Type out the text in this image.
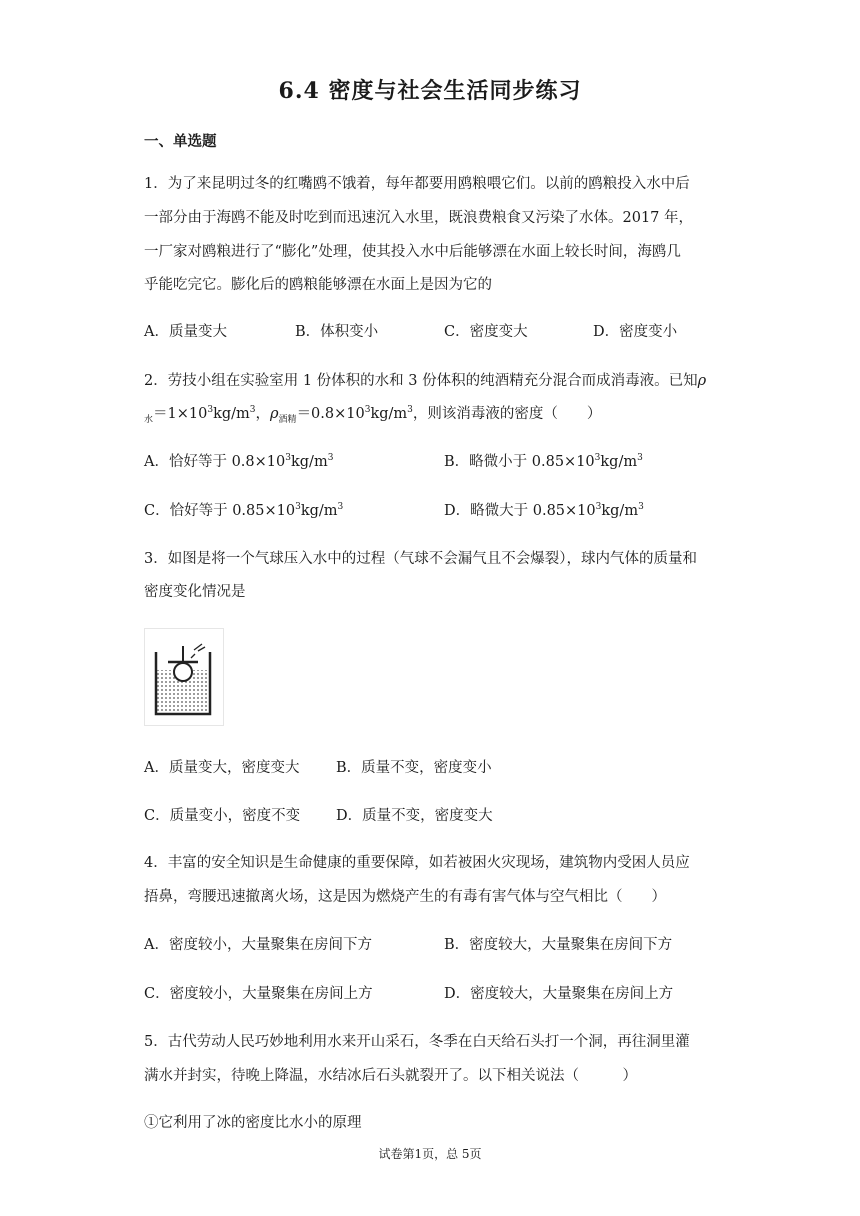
6.4 密度与社会生活同步练习
一、单选题
1．为了来昆明过冬的红嘴鸥不饿着，每年都要用鸥粮喂它们。以前的鸥粮投入水中后
一部分由于海鸥不能及时吃到而迅速沉入水里，既浪费粮食又污染了水体。2017 年，
一厂家对鸥粮进行了“膨化”处理，使其投入水中后能够漂在水面上较长时间，海鸥几
乎能吃完它。膨化后的鸥粮能够漂在水面上是因为它的
A．质量变大	B．体积变小	C．密度变大	D．密度变小
2．劳技小组在实验室用 1 份体积的水和 3 份体积的纯酒精充分混合而成消毒液。已知ρ
$_水=1\times 10^3kg/m^3$，$\rho_{酒精}=0.8\times 10^3kg/m^3$，则该消毒液的密度（　　）
A．恰好等于 $0.8\times 10^3kg/m^3$	B．略微小于 $0.85\times 10^3kg/m^3$
C．恰好等于 $0.85\times 10^3kg/m^3$	D．略微大于 $0.85\times 10^3kg/m^3$
3．如图是将一个气球压入水中的过程（气球不会漏气且不会爆裂），球内气体的质量和
密度变化情况是
A．质量变大，密度变大	B．质量不变，密度变小
C．质量变小，密度不变 D．质量不变，密度变大
4．丰富的安全知识是生命健康的重要保障，如若被困火灾现场，建筑物内受困人员应
捂鼻，弯腰迅速撤离火场，这是因为燃烧产生的有毒有害气体与空气相比（　　）
A．密度较小，大量聚集在房间下方	B．密度较大，大量聚集在房间下方
C．密度较小，大量聚集在房间上方	D．密度较大，大量聚集在房间上方
5．古代劳动人民巧妙地利用水来开山采石，冬季在白天给石头打一个洞，再往洞里灌
满水并封实，待晚上降温，水结冰后石头就裂开了。以下相关说法（　　　）
①它利用了冰的密度比水小的原理
试卷第1页，总 5页
